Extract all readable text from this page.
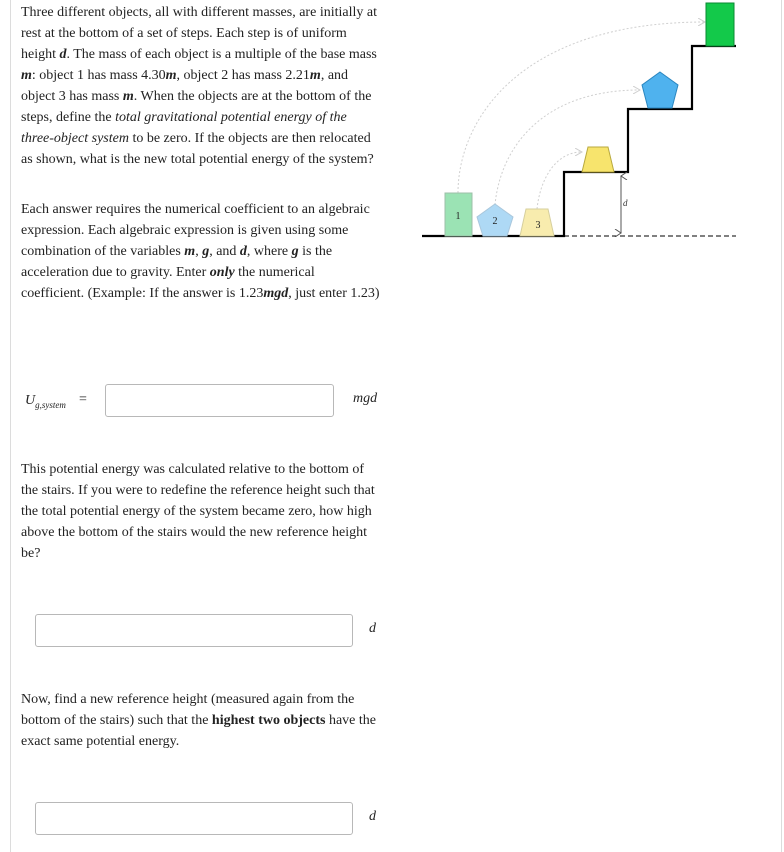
Three different objects, all with different masses, are initially at rest at the bottom of a set of steps. Each step is of uniform height d. The mass of each object is a multiple of the base mass m: object 1 has mass 4.30m, object 2 has mass 2.21m, and object 3 has mass m. When the objects are at the bottom of the steps, define the total gravitational potential energy of the three-object system to be zero. If the objects are then relocated as shown, what is the new total potential energy of the system?

Each answer requires the numerical coefficient to an algebraic expression. Each algebraic expression is given using some combination of the variables m, g, and d, where g is the acceleration due to gravity. Enter only the numerical coefficient. (Example: If the answer is 1.23mgd, just enter 1.23)

$U_{g,system}$ =	mgd

This potential energy was calculated relative to the bottom of the stairs. If you were to redefine the reference height such that the total potential energy of the system became zero, how high above the bottom of the stairs would the new reference height be?

d

Now, find a new reference height (measured again from the bottom of the stairs) such that the highest two objects have the exact same potential energy.

d
d
1	2	3
